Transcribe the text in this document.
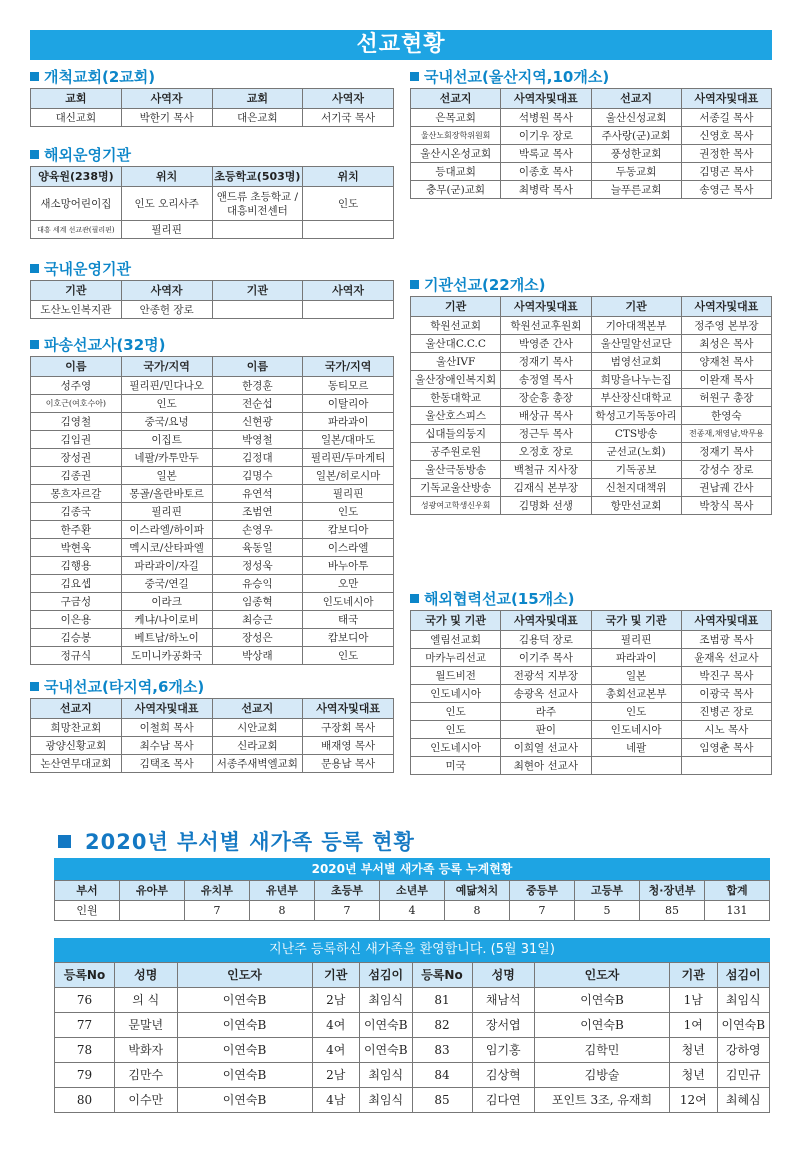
선교현황
개척교회(2교회)
교회	사역자	교회	사역자
대신교회	박한기 목사	대은교회	서기국 목사
해외운영기관
양육원(238명)	위치	초등학교(503명)	위치
새소망어린이집	인도 오리사주	앤드류 초등학교 / 대흥비전센터	인도
대흥 세계 선교관(필리핀)	필리핀		
국내운영기관
기관	사역자	기관	사역자
도산노인복지관	안종헌 장로		
파송선교사(32명)
이름	국가/지역	이름	국가/지역
성주영	필리핀/민다나오	한경훈	동티모르
이호근(여호수아)	인도	전순섭	이탈리아
김영철	중국/요녕	신현광	파라과이
김임권	이집트	박영철	일본/대마도
장성권	네팔/카투만두	김정대	필리핀/두마게티
김종권	일본	김명수	일본/히로시마
몽흐자르갈	몽골/올란바토르	유연석	필리핀
김종국	필리핀	조범연	인도
한주환	이스라엘/하이파	손영우	캄보디아
박현욱	멕시코/산타파엘	육동일	이스라엘
김행용	파라과이/자길	정성욱	바누아투
김요셉	중국/연길	유승익	오만
구금성	이라크	임종혁	인도네시아
이은용	케냐/나이로비	최승근	태국
김승봉	베트남/하노이	장성은	캄보디아
정규식	도미니카공화국	박상래	인도
국내선교(타지역,6개소)
선교지	사역자및대표	선교지	사역자및대표
희망찬교회	이철희 목사	시안교회	구장회 목사
광양신황교회	최수남 목사	신라교회	배재영 목사
논산연무대교회	김택조 목사	서종주새벽엘교회	문용남 목사
국내선교(울산지역,10개소)
선교지	사역자및대표	선교지	사역자및대표
은목교회	석병원 목사	울산신성교회	서종길 목사
울산노회장학위원회	이기우 장로	주사랑(군)교회	신영호 목사
울산시온성교회	박록교 목사	풍성한교회	권정한 목사
등대교회	이종호 목사	두동교회	김명곤 목사
충무(군)교회	최병락 목사	늘푸른교회	송영근 목사
기관선교(22개소)
기관	사역자및대표	기관	사역자및대표
학원선교회	학원선교후원회	기아대책본부	정주영 본부장
울산대C.C.C	박영준 간사	울산밀알선교단	최성은 목사
울산IVF	정재기 목사	범영선교회	양재천 목사
울산장애인복지회	송정열 목사	희망을나누는집	이완재 목사
한동대학교	장순흥 총장	부산장신대학교	허원구 총장
울산호스피스	배상규 목사	학성고기독동아리	한영숙
십대들의둥지	정근두 목사	CTS방송	전종재,채영남,박무용
공주원로원	오정호 장로	군선교(노회)	정재기 목사
울산극동방송	백철규 지사장	기독공보	강성수 장로
기독교울산방송	김재식 본부장	신천지대책위	권남궤 간사
성광여고학생신우회	김명화 선생	항만선교회	박창식 목사
해외협력선교(15개소)
국가 및 기관	사역자및대표	국가 및 기관	사역자및대표
엘림선교회	김용덕 장로	필리핀	조범광 목사
마카누리선교	이기주 목사	파라과이	윤재옥 선교사
월드비전	전광석 지부장	일본	박진구 목사
인도네시아	송광옥 선교사	총회선교본부	이광국 목사
인도	라주	인도	진병곤 장로
인도	판이	인도네시아	시노 목사
인도네시아	이희열 선교사	네팔	임영춘 목사
미국	최현아 선교사		
2020년 부서별 새가족 등록 현황
2020년 부서별 새가족 등록 누계현황
부서	유아부	유치부	유년부	초등부	소년부	예닮처치	중등부	고등부	청·장년부	합계
인원		7	8	7	4	8	7	5	85	131
지난주 등록하신 새가족을 환영합니다. (5월 31일)
등록No	성명	인도자	기관	섬김이	등록No	성명	인도자	기관	섬김이
76	의 식	이연숙B	2남	최임식	81	채남석	이연숙B	1남	최임식
77	문말년	이연숙B	4여	이연숙B	82	장서엽	이연숙B	1여	이연숙B
78	박화자	이연숙B	4여	이연숙B	83	임기홍	김학민	청년	강하영
79	김만수	이연숙B	2남	최임식	84	김상혁	김방술	청년	김민규
80	이수만	이연숙B	4남	최임식	85	김다연	포인트 3조, 유재희	12여	최혜심
